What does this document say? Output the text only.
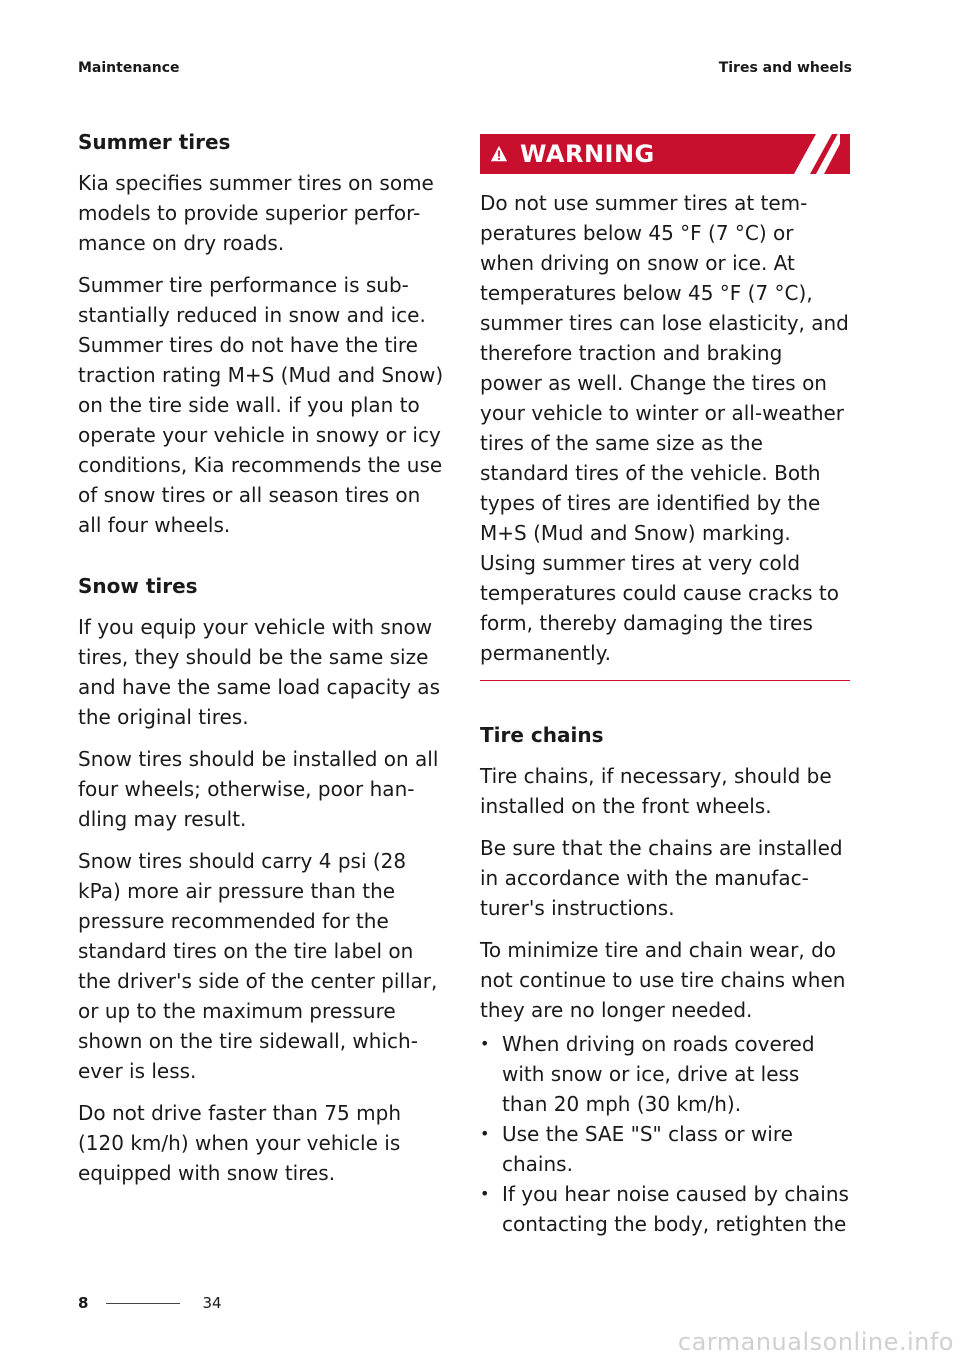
Maintenance	Tires and wheels
Summer tires

Kia specifies summer tires on some models to provide superior perfor-mance on dry roads.

Summer tire performance is sub-stantially reduced in snow and ice. Summer tires do not have the tire traction rating M+S (Mud and Snow) on the tire side wall. if you plan to operate your vehicle in snowy or icy conditions, Kia recommends the use of snow tires or all season tires on all four wheels.

Snow tires

If you equip your vehicle with snow tires, they should be the same size and have the same load capacity as the original tires.

Snow tires should be installed on all four wheels; otherwise, poor han-dling may result.

Snow tires should carry 4 psi (28 kPa) more air pressure than the pressure recommended for the standard tires on the tire label on the driver's side of the center pillar, or up to the maximum pressure shown on the tire sidewall, which-ever is less.

Do not drive faster than 75 mph (120 km/h) when your vehicle is equipped with snow tires.

WARNING

Do not use summer tires at tem-peratures below 45 °F (7 °C) or when driving on snow or ice. At temperatures below 45 °F (7 °C), summer tires can lose elasticity, and therefore traction and braking power as well. Change the tires on your vehicle to winter or all-weather tires of the same size as the standard tires of the vehicle. Both types of tires are identified by the M+S (Mud and Snow) marking. Using summer tires at very cold temperatures could cause cracks to form, thereby damaging the tires permanently.

Tire chains

Tire chains, if necessary, should be installed on the front wheels.

Be sure that the chains are installed in accordance with the manufac-turer's instructions.

To minimize tire and chain wear, do not continue to use tire chains when they are no longer needed.

• When driving on roads covered with snow or ice, drive at less than 20 mph (30 km/h).
• Use the SAE "S" class or wire chains.
• If you hear noise caused by chains contacting the body, retighten the
8	34
carmanualsonline.info
